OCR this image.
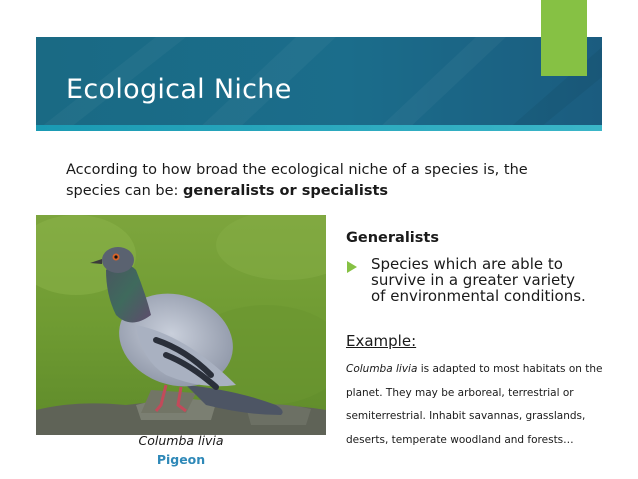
Ecological Niche
According to how broad the ecological niche of a species is, the species can be: generalists or specialists
Columba livia
Pigeon
Generalists
Species which are able to survive in a greater variety of environmental conditions.
Example:
Columba livia is adapted to most habitats on the planet. They may be arboreal, terrestrial or semiterrestrial. Inhabit savannas, grasslands, deserts, temperate woodland and forests…
